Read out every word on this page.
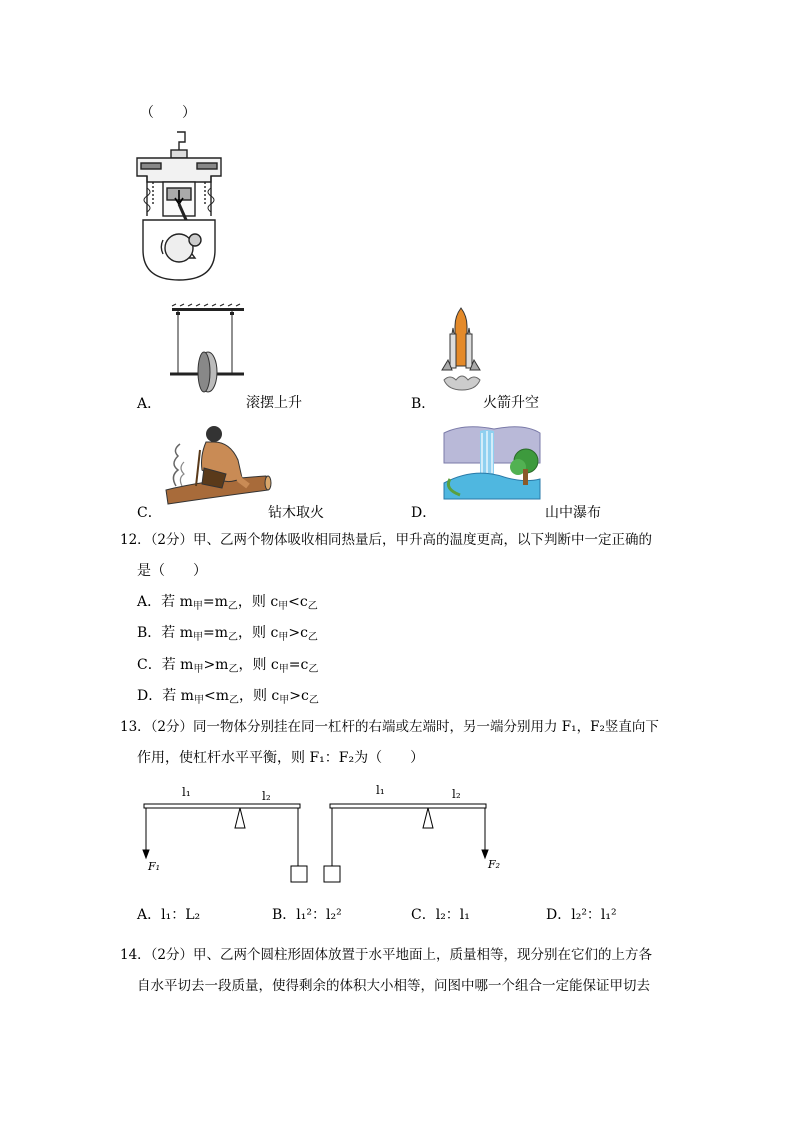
（　　）
A．	滚摆上升	B．	火箭升空
C．	钻木取火	D．	山中瀑布
12．（2分）甲、乙两个物体吸收相同热量后，甲升高的温度更高，以下判断中一定正确的
是（　　）
A．若 $m_甲=m_乙$，则 $c_甲<c_乙$
B．若 $m_甲=m_乙$，则 $c_甲>c_乙$
C．若 $m_甲>m_乙$，则 $c_甲=c_乙$
D．若 $m_甲<m_乙$，则 $c_甲>c_乙$
13．（2分）同一物体分别挂在同一杠杆的右端或左端时，另一端分别用力 F₁，F₂竖直向下
作用，使杠杆水平平衡，则 F₁：F₂为（　　）
l₁	l₂
F₁
l₁	l₂
F₂
A．l₁：L₂	B．l₁²：l₂²	C．l₂：l₁	D．l₂²：l₁²
14．（2分）甲、乙两个圆柱形固体放置于水平地面上，质量相等，现分别在它们的上方各
自水平切去一段质量，使得剩余的体积大小相等，问图中哪一个组合一定能保证甲切去
